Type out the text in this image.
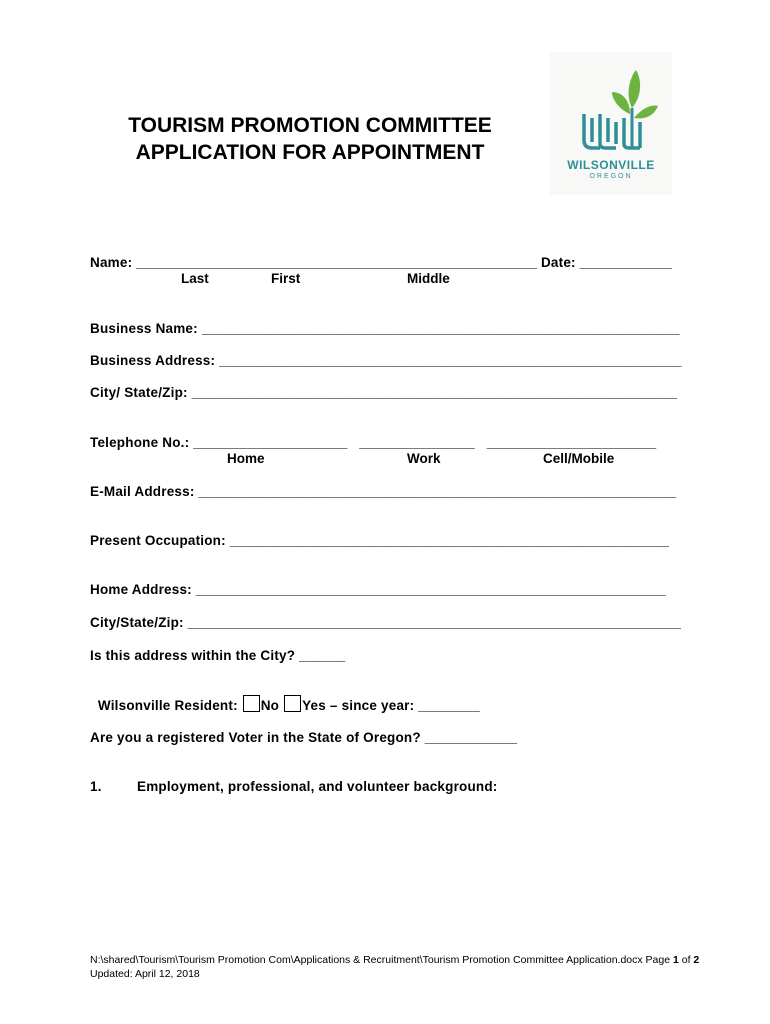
TOURISM PROMOTION COMMITTEE
APPLICATION FOR APPOINTMENT
WILSONVILLE
OREGON
Name: ____________________________________________________ Date: ____________
Last	First	Middle
Business Name: ______________________________________________________________
Business Address: ____________________________________________________________
City/ State/Zip: _______________________________________________________________
Telephone No.: ____________________   _______________   ______________________
Home	Work	Cell/Mobile
E-Mail Address: ______________________________________________________________
Present Occupation: _________________________________________________________
Home Address: _____________________________________________________________
City/State/Zip: ________________________________________________________________
Is this address within the City? ______

Wilsonville Resident: No Yes – since year: ________

Are you a registered Voter in the State of Oregon? ____________
1.	Employment, professional, and volunteer background:
N:\shared\Tourism\Tourism Promotion Com\Applications & Recruitment\Tourism Promotion Committee Application.docx Page 1 of 2
Updated: April 12, 2018
